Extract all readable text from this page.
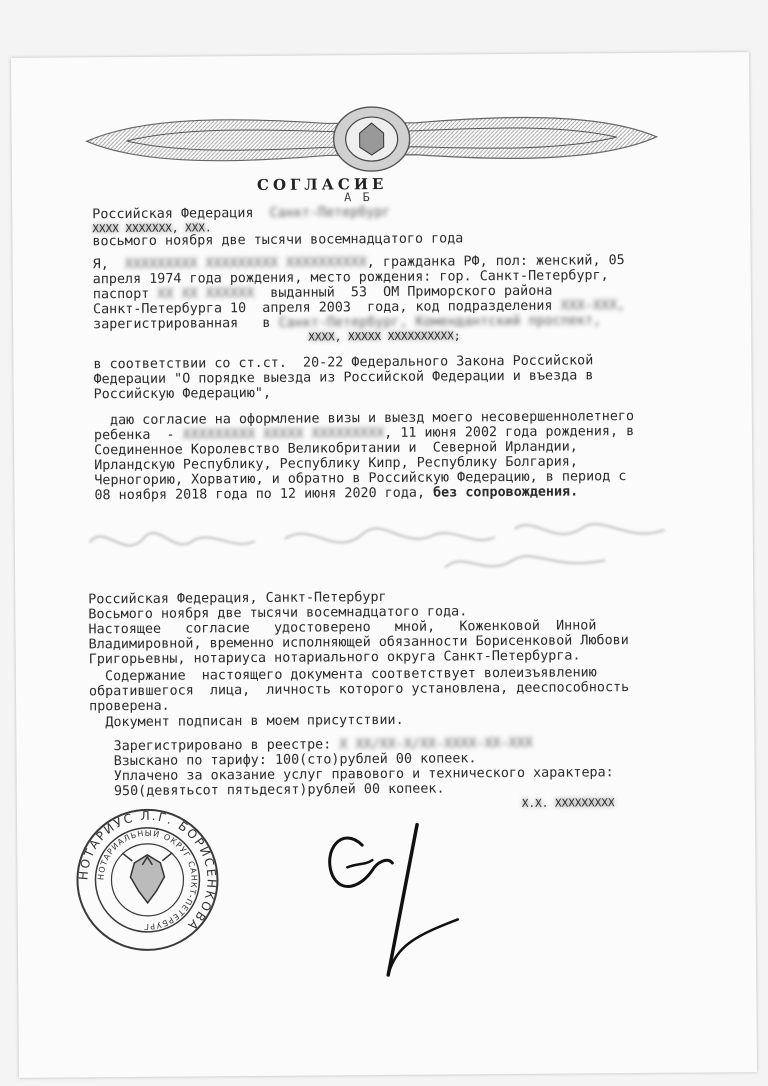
СОГЛАСИЕ
А Б
Российская Федерация Санкт-Петербург
XXXX XXXXXXX, XXX.
восьмого ноября две тысячи восемнадцатого года
Я, XXXXXXXXX XXXXXXXXX XXXXXXXXXX, гражданка РФ, пол: женский, 05
апреля 1974 года рождения, место рождения: гор. Санкт-Петербург,
паспорт XX XX XXXXXX выданный  53  ОМ Приморского района
Санкт-Петербурга 10  апреля 2003  года, код подразделения XXX-XXX,
зарегистрированная   в Санкт-Петербург, Комендантский проспект,
XXXX, XXXXX XXXXXXXXXX;
в соответствии со ст.ст.  20-22 Федерального Закона Российской
Федерации "О порядке выезда из Российской Федерации и въезда в
Российскую Федерацию",
даю согласие на оформление визы и выезд моего несовершеннолетнего
ребенка  - XXXXXXXXX XXXXX XXXXXXXXX, 11 июня 2002 года рождения, в
Соединенное Королевство Великобритании и  Северной Ирландии,
Ирландскую Республику, Республику Кипр, Республику Болгария,
Черногорию, Хорватию, и обратно в Российскую Федерацию, в период с
08 ноября 2018 года по 12 июня 2020 года, без сопровождения.
Российская Федерация, Санкт-Петербург
Восьмого ноября две тысячи восемнадцатого года.
Настоящее   согласие   удостоверено   мной,   Коженковой  Инной
Владимировной, временно исполняющей обязанности Борисенковой Любови
Григорьевны, нотариуса нотариального округа Санкт-Петербурга.
Содержание  настоящего документа соответствует волеизъявлению
обратившегося  лица,  личность которого установлена, дееспособность
проверена.
Документ подписан в моем присутствии.
Зарегистрировано в реестре: X XX/XX-X/XX-XXXX-XX-XXX
Взыскано по тарифу: 100(сто)рублей 00 копеек.
Уплачено за оказание услуг правового и технического характера:
950(девятьсот пятьдесят)рублей 00 копеек.
X.X. XXXXXXXXX
НОТАРИУС Л.Г. БОРИСЕНКОВА
НОТАРИАЛЬНЫЙ ОКРУГ САНКТ-ПЕТЕРБУРГ
